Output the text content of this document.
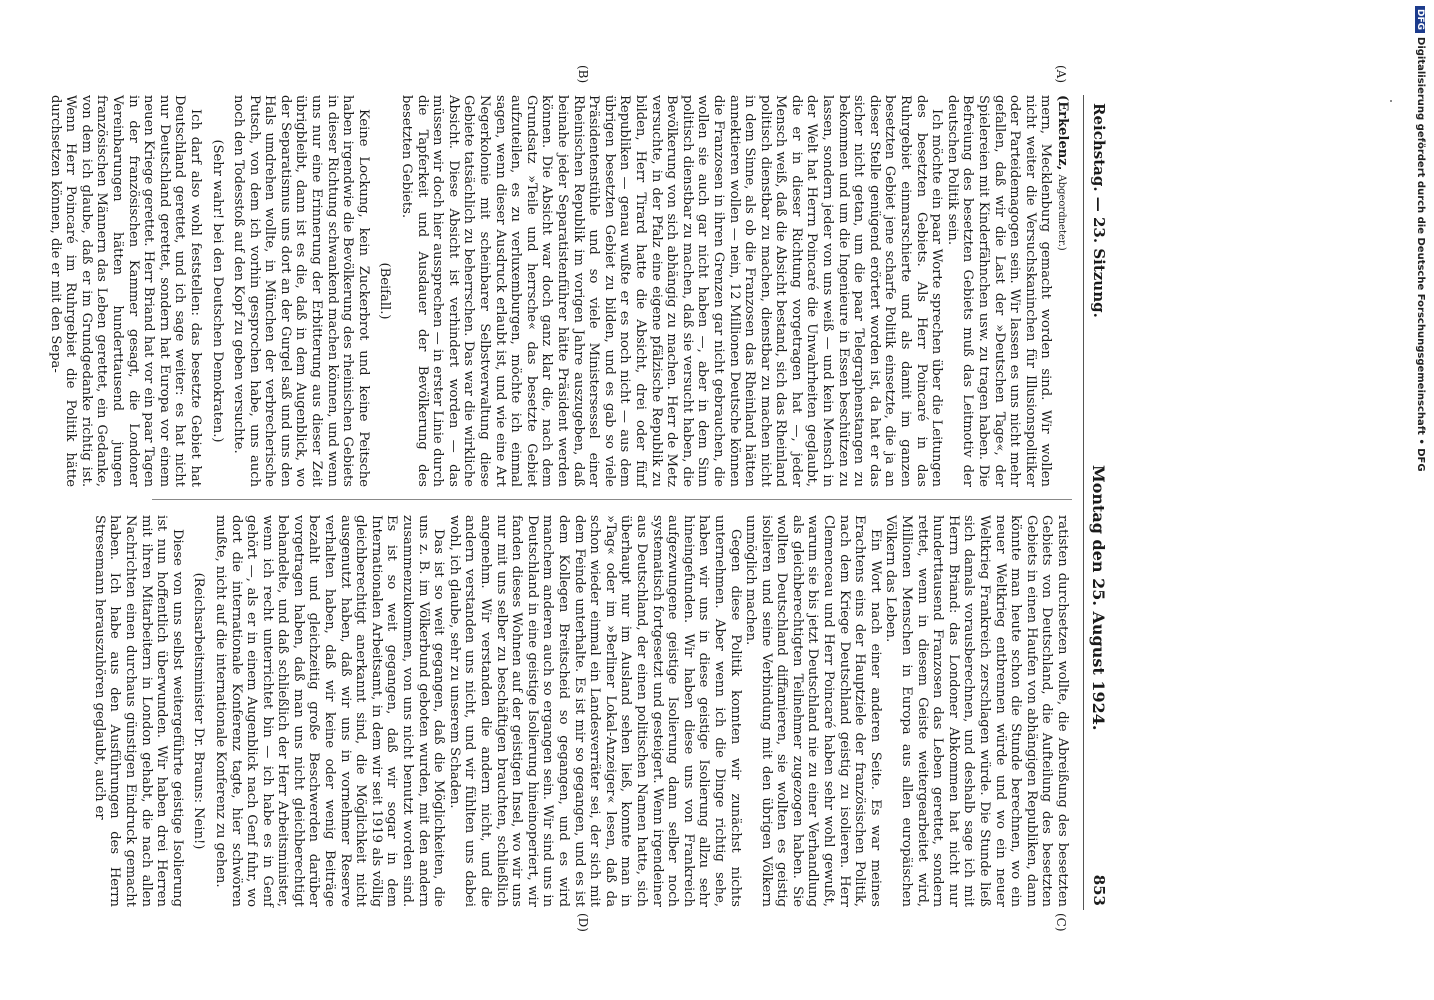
DFGDigitalisierung gefördert durch die Deutsche Forschungsgemeinschaft • DFG
Reichstag. — 23. Sitzung.
Montag den 25. August 1924.
853
(A)
(B)
(C)
(D)

(Erkelenz, Abgeordneter.)

mern, Mecklenburg gemacht worden sind. Wir wollen nicht weiter die Versuchskaninchen für Illusionspolitiker oder Parteidemagogen sein. Wir lassen es uns nicht mehr gefallen, daß wir die Last der »Deutschen Tage«, der Spielereien mit Kinderfähnchen usw. zu tragen haben. Die Befreiung des besetzten Gebiets muß das Leitmotiv der deutschen Politik sein.

Ich möchte ein paar Worte sprechen über die Leitungen des besetzten Gebiets. Als Herr Poincaré in das Ruhrgebiet einmarschierte und als damit im ganzen besetzten Gebiet jene scharfe Politik einsetzte, die ja an dieser Stelle genügend erörtert worden ist, da hat er das sicher nicht getan, um die paar Telegraphenstangen zu bekommen und um die Ingenieure in Essen beschützen zu lassen, sondern jeder von uns weiß — und kein Mensch in der Welt hat Herrn Poincaré die Unwahrheiten geglaubt, die er in dieser Richtung vorgetragen hat —, jeder Mensch weiß, daß die Absicht bestand, sich das Rheinland politisch dienstbar zu machen, dienstbar zu machen nicht in dem Sinne, als ob die Franzosen das Rheinland hätten annektieren wollen — nein, 12 Millionen Deutsche können die Franzosen in ihren Grenzen gar nicht gebrauchen, die wollen sie auch gar nicht haben —, aber in dem Sinn politisch dienstbar zu machen, daß sie versucht haben, die Bevölkerung von sich abhängig zu machen. Herr de Metz versuchte, in der Pfalz eine eigene pfälzische Republik zu bilden, Herr Tirard hatte die Absicht, drei oder fünf Republiken — genau wußte er es noch nicht — aus dem übrigen besetzten Gebiet zu bilden, und es gab so viele Präsidentenstühle und so viele Ministersessel einer Rheinischen Republik im vorigen Jahre auszugeben, daß beinahe jeder Separatistenführer hätte Präsident werden können. Die Absicht war doch ganz klar die, nach dem Grundsatz »Teile und herrsche« das besetzte Gebiet aufzuteilen, es zu verluxemburgen, möchte ich einmal sagen, wenn dieser Ausdruck erlaubt ist, und wie eine Art Negerkolonie mit scheinbarer Selbstverwaltung diese Gebiete tatsächlich zu beherrschen. Das war die wirkliche Absicht. Diese Absicht ist verhindert worden — das müssen wir doch hier aussprechen — in erster Linie durch die Tapferkeit und Ausdauer der Bevölkerung des besetzten Gebiets.

(Beifall.)

Keine Lockung, kein Zuckerbrot und keine Peitsche haben irgendwie die Bevölkerung des rheinischen Gebiets in dieser Richtung schwankend machen können, und wenn uns nur eine Erinnerung der Erbitterung aus dieser Zeit übrigbleibt, dann ist es die, daß in dem Augenblick, wo der Separatismus uns dort an der Gurgel saß und uns den Hals umdrehen wollte, in München der verbrecherische Putsch, von dem ich vorhin gesprochen habe, uns auch noch den Todesstoß auf den Kopf zu geben versuchte.

(Sehr wahr! bei den Deutschen Demokraten.)

Ich darf also wohl feststellen: das besetzte Gebiet hat Deutschland gerettet, und ich sage weiter: es hat nicht nur Deutschland gerettet, sondern hat Europa vor einem neuen Kriege gerettet. Herr Briand hat vor ein paar Tagen in der französischen Kammer gesagt, die Londoner Vereinbarungen hätten hunderttausend jungen französischen Männern das Leben gerettet, ein Gedanke, von dem ich glaube, daß er im Grundgedanke richtig ist. Wenn Herr Poincaré im Ruhrgebiet die Politik hätte durchsetzen können, die er mit den Sepa-

ratisten durchsetzen wollte, die Abreißung des besetzten Gebiets von Deutschland, die Aufteilung des besetzten Gebiets in einen Haufen von abhängigen Republiken, dann könnte man heute schon die Stunde berechnen, wo ein neuer Weltkrieg entbrennen würde und wo ein neuer Weltkrieg Frankreich zerschlagen würde. Die Stunde ließ sich damals vorausberechnen, und deshalb sage ich mit Herrn Briand: das Londoner Abkommen hat nicht nur hunderttausend Franzosen das Leben gerettet, sondern rettet, wenn in diesem Geiste weitergearbeitet wird, Millionen Menschen in Europa aus allen europäischen Völkern das Leben.

Ein Wort nach einer anderen Seite. Es war meines Erachtens eins der Hauptziele der französischen Politik, nach dem Kriege Deutschland geistig zu isolieren. Herr Clemenceau und Herr Poincaré haben sehr wohl gewußt, warum sie bis jetzt Deutschland nie zu einer Verhandlung als gleichberechtigten Teilnehmer zugezogen haben. Sie wollten Deutschland diffamieren, sie wollten es geistig isolieren und seine Verbindung mit den übrigen Völkern unmöglich machen.

Gegen diese Politik konnten wir zunächst nichts unternehmen. Aber wenn ich die Dinge richtig sehe, haben wir uns in diese geistige Isolierung allzu sehr hineingefunden. Wir haben diese uns von Frankreich aufgezwungene geistige Isolierung dann selber noch systematisch fortgesetzt und gesteigert. Wenn irgendeiner aus Deutschland, der einen politischen Namen hatte, sich überhaupt nur im Ausland sehen ließ, konnte man in »Tag« oder im »Berliner Lokal-Anzeiger« lesen, daß da schon wieder einmal ein Landesverräter sei, der sich mit dem Feinde unterhalte. Es ist mir so gegangen, und es ist dem Kollegen Breitscheid so gegangen, und es wird manchem anderen auch so ergangen sein. Wir sind uns in Deutschland in eine geistige Isolierung hineinoperiert, wir fanden dieses Wohnen auf der geistigen Insel, wo wir uns nur mit uns selber zu beschäftigen brauchten, schließlich angenehm. Wir verstanden die andern nicht, und die andern verstanden uns nicht, und wir fühlten uns dabei wohl, ich glaube, sehr zu unserem Schaden.

Das ist so weit gegangen, daß die Möglichkeiten, die uns z. B. im Völkerbund geboten wurden, mit den andern zusammenzukommen, von uns nicht benutzt worden sind. Es ist so weit gegangen, daß wir sogar in dem Internationalen Arbeitsamt, in dem wir seit 1919 als völlig gleichberechtigt anerkannt sind, die Möglichkeit nicht ausgenutzt haben, daß wir uns in vornehmer Reserve verhalten haben, daß wir keine oder wenig Beiträge bezahlt und gleichzeitig große Beschwerden darüber vorgetragen haben, daß man uns nicht gleichberechtigt behandelte, und daß schließlich der Herr Arbeitsminister, wenn ich recht unterrichtet bin — ich habe es in Genf gehört —, als er in einem Augenblick nach Genf fuhr, wo dort die internationale Konferenz tagte, hier schwören mußte, nicht auf die internationale Konferenz zu gehen.

(Reichsarbeitsminister Dr. Brauns: Nein!)

Diese von uns selbst weitergeführte geistige Isolierung ist nun hoffentlich überwunden. Wir haben drei Herren mit ihren Mitarbeitern in London gehabt, die nach allen Nachrichten einen durchaus günstigen Eindruck gemacht haben. Ich habe aus den Ausführungen des Herrn Stresemann herauszuhören geglaubt, auch er
